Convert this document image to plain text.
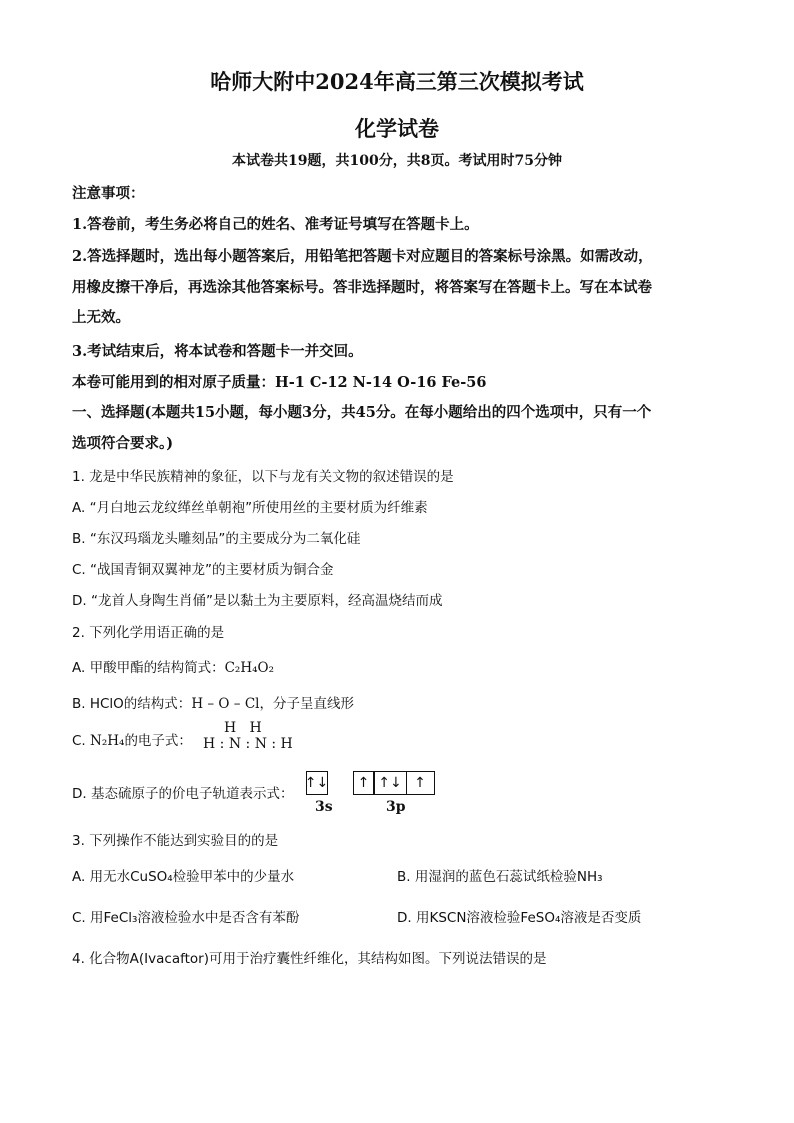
哈师大附中2024年高三第三次模拟考试
化学试卷
本试卷共19题，共100分，共8页。考试用时75分钟
注意事项：
1.答卷前，考生务必将自己的姓名、准考证号填写在答题卡上。
2.答选择题时，选出每小题答案后，用铅笔把答题卡对应题目的答案标号涂黑。如需改动，
用橡皮擦干净后，再选涂其他答案标号。答非选择题时，将答案写在答题卡上。写在本试卷
上无效。
3.考试结束后，将本试卷和答题卡一并交回。
本卷可能用到的相对原子质量：H-1 C-12 N-14 O-16 Fe-56
一、选择题(本题共15小题，每小题3分，共45分。在每小题给出的四个选项中，只有一个
选项符合要求。)
1. 龙是中华民族精神的象征，以下与龙有关文物的叙述错误的是
A. “月白地云龙纹缂丝单朝袍”所使用丝的主要材质为纤维素
B. “东汉玛瑙龙头雕刻品”的主要成分为二氧化硅
C. “战国青铜双翼神龙”的主要材质为铜合金
D. “龙首人身陶生肖俑”是以黏土为主要原料，经高温烧结而成
2. 下列化学用语正确的是
A. 甲酸甲酯的结构简式：C₂H₄O₂
B. HClO的结构式：H – O – Cl，分子呈直线形
C. N₂H₄的电子式：
H   H
H : N : N : H
D. 基态硫原子的价电子轨道表示式：
↑↓	↑ ↑↓ ↑
3s	3p
3. 下列操作不能达到实验目的的是
A. 用无水CuSO₄检验甲苯中的少量水	B. 用湿润的蓝色石蕊试纸检验NH₃
C. 用FeCl₃溶液检验水中是否含有苯酚	D. 用KSCN溶液检验FeSO₄溶液是否变质
4. 化合物A(Ivacaftor)可用于治疗囊性纤维化，其结构如图。下列说法错误的是
